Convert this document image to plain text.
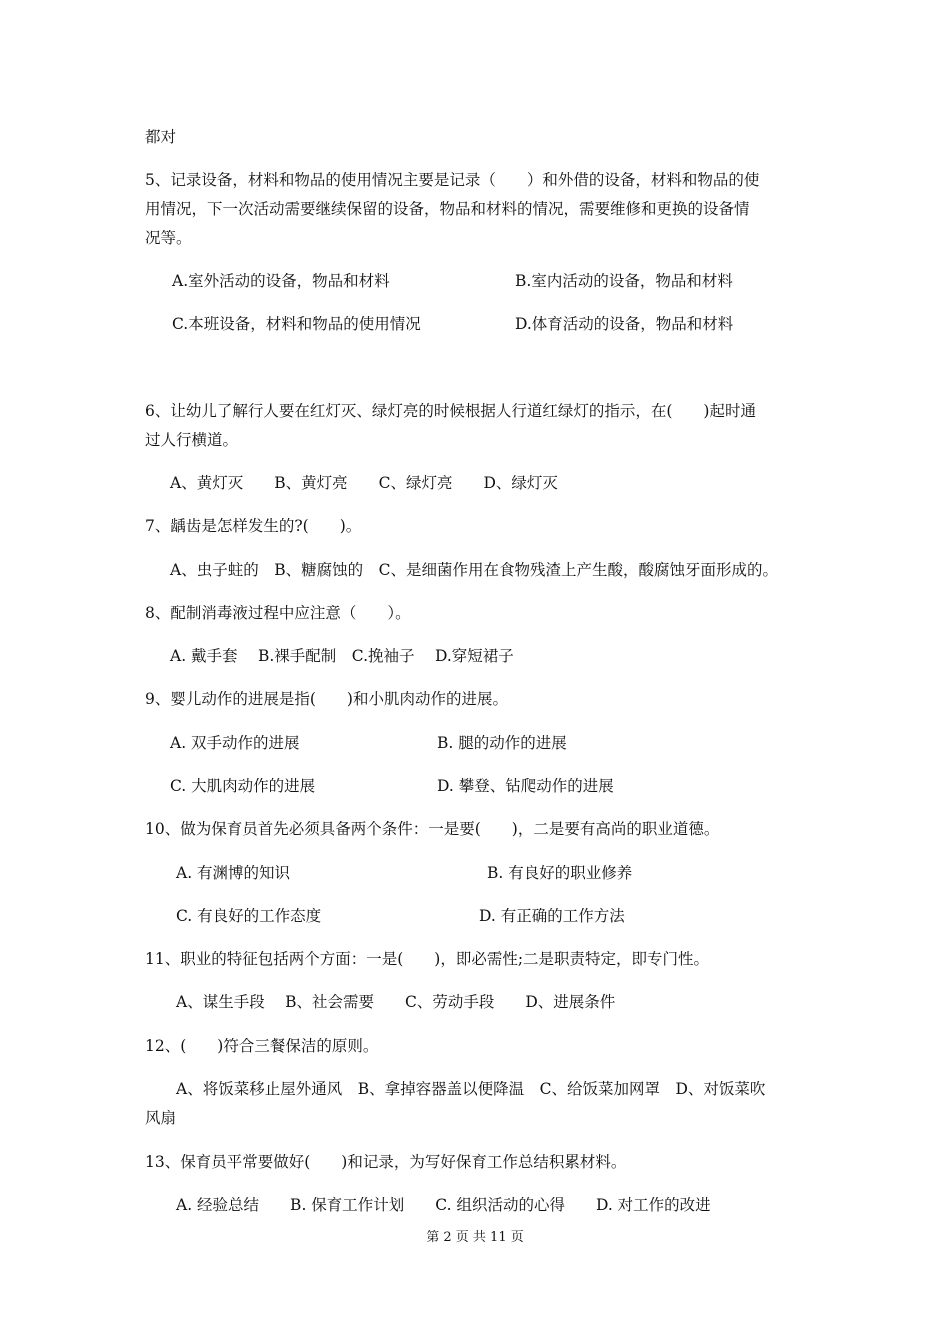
都对
5、记录设备，材料和物品的使用情况主要是记录（　　）和外借的设备，材料和物品的使
用情况，下一次活动需要继续保留的设备，物品和材料的情况，需要维修和更换的设备情
况等。
A.室外活动的设备，物品和材料	B.室内活动的设备，物品和材料
C.本班设备，材料和物品的使用情况	D.体育活动的设备，物品和材料
6、让幼儿了解行人要在红灯灭、绿灯亮的时候根据人行道红绿灯的指示，在(　　)起时通
过人行横道。
A、黄灯灭　　B、黄灯亮　　C、绿灯亮　　D、绿灯灭
7、龋齿是怎样发生的?(　　)。
A、虫子蛀的　B、糖腐蚀的　C、是细菌作用在食物残渣上产生酸，酸腐蚀牙面形成的。
8、配制消毒液过程中应注意（　　）。
A. 戴手套　 B.裸手配制　C.挽袖子　 D.穿短裙子
9、婴儿动作的进展是指(　　)和小肌肉动作的进展。
A. 双手动作的进展	B. 腿的动作的进展
C. 大肌肉动作的进展	D. 攀登、钻爬动作的进展
10、做为保育员首先必须具备两个条件：一是要(　　)，二是要有高尚的职业道德。
A. 有渊博的知识	B. 有良好的职业修养
C. 有良好的工作态度	D. 有正确的工作方法
11、职业的特征包括两个方面：一是(　　)，即必需性;二是职责特定，即专门性。
A、谋生手段　 B、社会需要　　C、劳动手段　　D、进展条件
12、(　　)符合三餐保洁的原则。
A、将饭菜移止屋外通风　B、拿掉容器盖以便降温　C、给饭菜加网罩　D、对饭菜吹
风扇
13、保育员平常要做好(　　)和记录，为写好保育工作总结积累材料。
A. 经验总结　　B. 保育工作计划　　C. 组织活动的心得　　D. 对工作的改进
第 2 页 共 11 页
